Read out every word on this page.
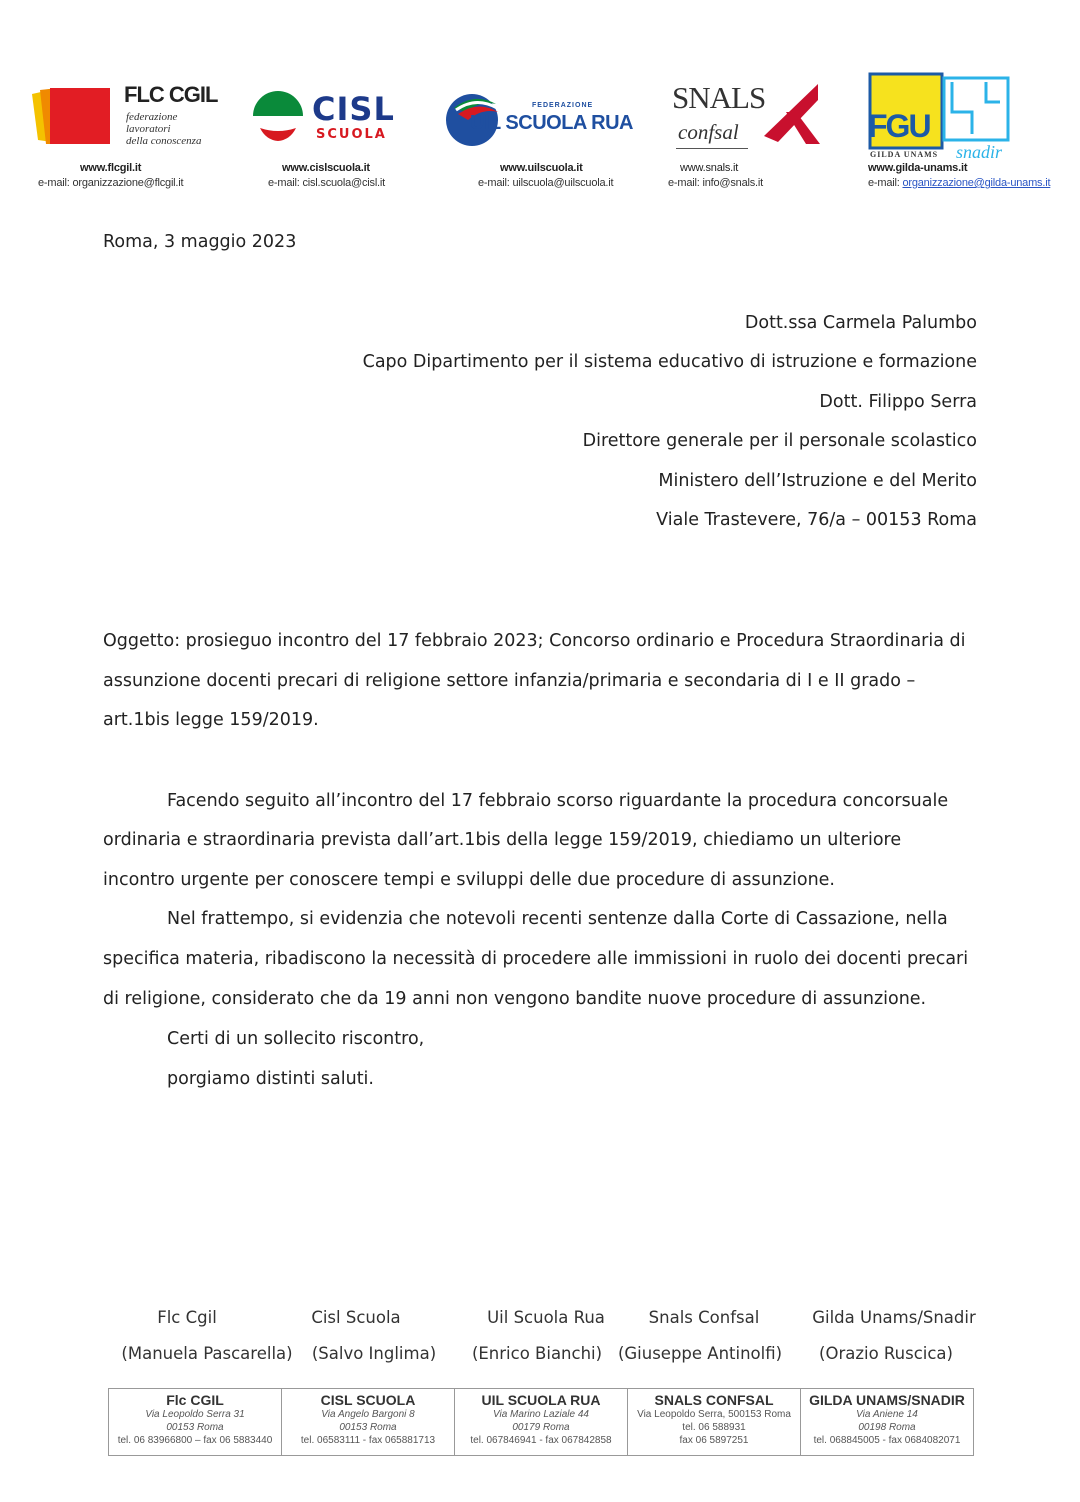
FLC CGIL
federazione
lavoratori
della conoscenza
www.flcgil.it
e-mail: organizzazione@flcgil.it
CISL
SCUOLA
www.cislscuola.it
e-mail: cisl.scuola@cisl.it
FEDERAZIONE
UIL SCUOLA RUA
www.uilscuola.it
e-mail: uilscuola@uilscuola.it
SNALS
confsal
www.snals.it
e-mail: info@snals.it
FGU
GILDA UNAMS snadir
www.gilda-unams.it
e-mail: organizzazione@gilda-unams.it
Roma, 3 maggio 2023
Dott.ssa Carmela Palumbo
Capo Dipartimento per il sistema educativo di istruzione e formazione
Dott. Filippo Serra
Direttore generale per il personale scolastico
Ministero dell’Istruzione e del Merito
Viale Trastevere, 76/a – 00153 Roma
Oggetto: prosieguo incontro del 17 febbraio 2023; Concorso ordinario e Procedura Straordinaria di
assunzione docenti precari di religione settore infanzia/primaria e secondaria di I e II grado –
art.1bis legge 159/2019.
Facendo seguito all’incontro del 17 febbraio scorso riguardante la procedura concorsuale
ordinaria e straordinaria prevista dall’art.1bis della legge 159/2019, chiediamo un ulteriore
incontro urgente per conoscere tempi e sviluppi delle due procedure di assunzione.
Nel frattempo, si evidenzia che notevoli recenti sentenze dalla Corte di Cassazione, nella
specifica materia, ribadiscono la necessità di procedere alle immissioni in ruolo dei docenti precari
di religione, considerato che da 19 anni non vengono bandite nuove procedure di assunzione.
Certi di un sollecito riscontro,
porgiamo distinti saluti.
Flc Cgil
(Manuela Pascarella)
Cisl Scuola
(Salvo Inglima)
Uil Scuola Rua
(Enrico Bianchi)
Snals Confsal
(Giuseppe Antinolfi)
Gilda Unams/Snadir
(Orazio Ruscica)
Flc CGIL
Via Leopoldo Serra 31
00153 Roma
tel. 06 83966800 – fax 06 5883440
CISL SCUOLA
Via Angelo Bargoni 8
00153 Roma
tel. 06583111 - fax 065881713
UIL SCUOLA RUA
Via Marino Laziale 44
00179 Roma
tel. 067846941 - fax 067842858
SNALS CONFSAL
Via Leopoldo Serra, 500153 Roma
tel. 06 588931
fax 06 5897251
GILDA UNAMS/SNADIR
Via Aniene 14
00198 Roma
tel. 068845005 - fax 0684082071
